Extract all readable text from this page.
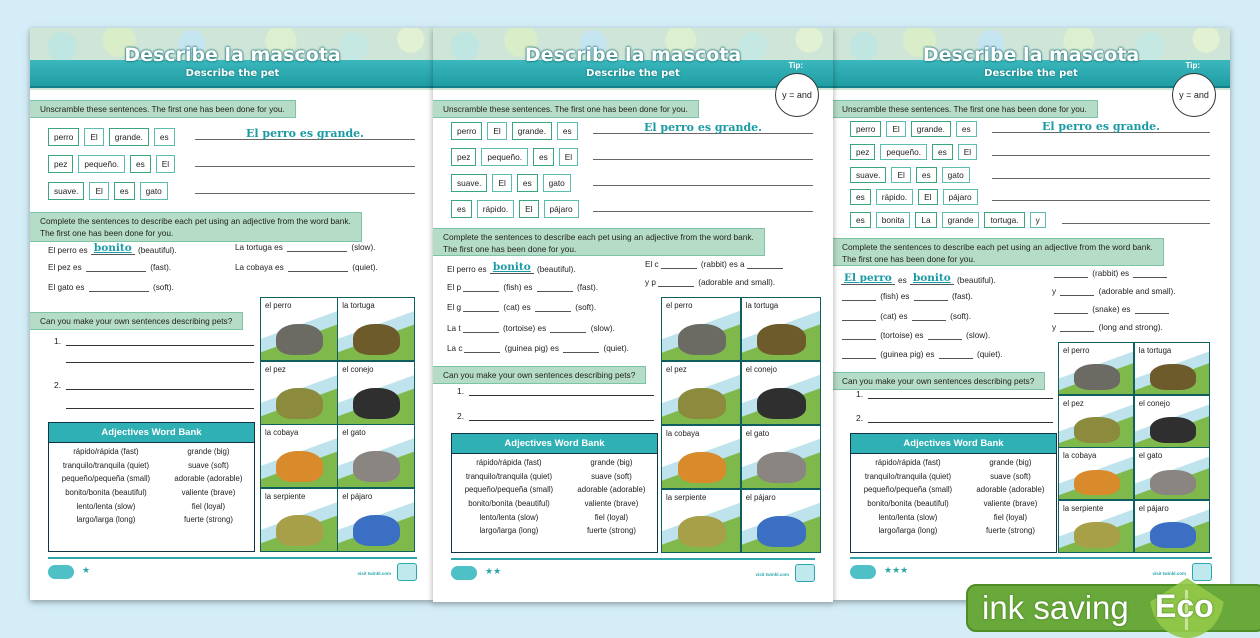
Describe la mascota
Describe the pet
Unscramble these sentences. The first one has been done for you.
perro	El	grande.	es	El perro es grande.
pez	pequeño.	es	El
suave.	El	es	gato
Complete the sentences to describe each pet using an adjective from the word bank.
The first one has been done for you.
El perro es bonito (beautiful).
El pez es	(fast).
El gato es	(soft).
La tortuga es	(slow).
La cobaya es	(quiet).
Can you make your own sentences describing pets?
1.
2.
Adjectives Word Bank
rápido/rápida (fast)	grande (big)
tranquilo/tranquila (quiet)	suave (soft)
pequeño/pequeña (small)	adorable (adorable)
bonito/bonita (beautiful)	valiente (brave)
lento/lenta (slow)	fiel (loyal)
largo/larga (long)	fuerte (strong)
el perro	la tortuga
el pez	el conejo
la cobaya	el gato
la serpiente	el pájaro
★	visit twinkl.com
Describe la mascota
Describe the pet
Tip:
y = and
Unscramble these sentences. The first one has been done for you.
perro	El	grande.	es	El perro es grande.
pez	pequeño.	es	El
suave.	El	es	gato
es	rápido.	El	pájaro
Complete the sentences to describe each pet using an adjective from the word bank.
The first one has been done for you.
El perro es bonito (beautiful).
El p	(fish) es	(fast).
El g	(cat) es	(soft).
La t	(tortoise) es	(slow).
La c	(guinea pig) es	(quiet).
El c	(rabbit) es a
y p	(adorable and small).
Can you make your own sentences describing pets?
1.
2.
Adjectives Word Bank
rápido/rápida (fast)	grande (big)
tranquilo/tranquila (quiet)	suave (soft)
pequeño/pequeña (small)	adorable (adorable)
bonito/bonita (beautiful)	valiente (brave)
lento/lenta (slow)	fiel (loyal)
largo/larga (long)	fuerte (strong)
el perro	la tortuga
el pez	el conejo
la cobaya	el gato
la serpiente	el pájaro
★★	visit twinkl.com
Describe la mascota
Describe the pet
Tip:
y = and
Unscramble these sentences. The first one has been done for you.
perro	El	grande.	es	El perro es grande.
pez	pequeño.	es	El
suave.	El	es	gato
es	rápido.	El	pájaro
es	bonita	La	grande	tortuga.	y
Complete the sentences to describe each pet using an adjective from the word bank.
The first one has been done for you.
El perro es bonito (beautiful).
(fish) es	(fast).
(cat) es	(soft).
(tortoise) es	(slow).
(guinea pig) es	(quiet).
(rabbit) es
y	(adorable and small).
(snake) es
y	(long and strong).
Can you make your own sentences describing pets?
1.
2.
Adjectives Word Bank
rápido/rápida (fast)	grande (big)
tranquilo/tranquila (quiet)	suave (soft)
pequeño/pequeña (small)	adorable (adorable)
bonito/bonita (beautiful)	valiente (brave)
lento/lenta (slow)	fiel (loyal)
largo/larga (long)	fuerte (strong)
el perro	la tortuga
el pez	el conejo
la cobaya	el gato
la serpiente	el pájaro
★★★	visit twinkl.com
ink saving Eco
